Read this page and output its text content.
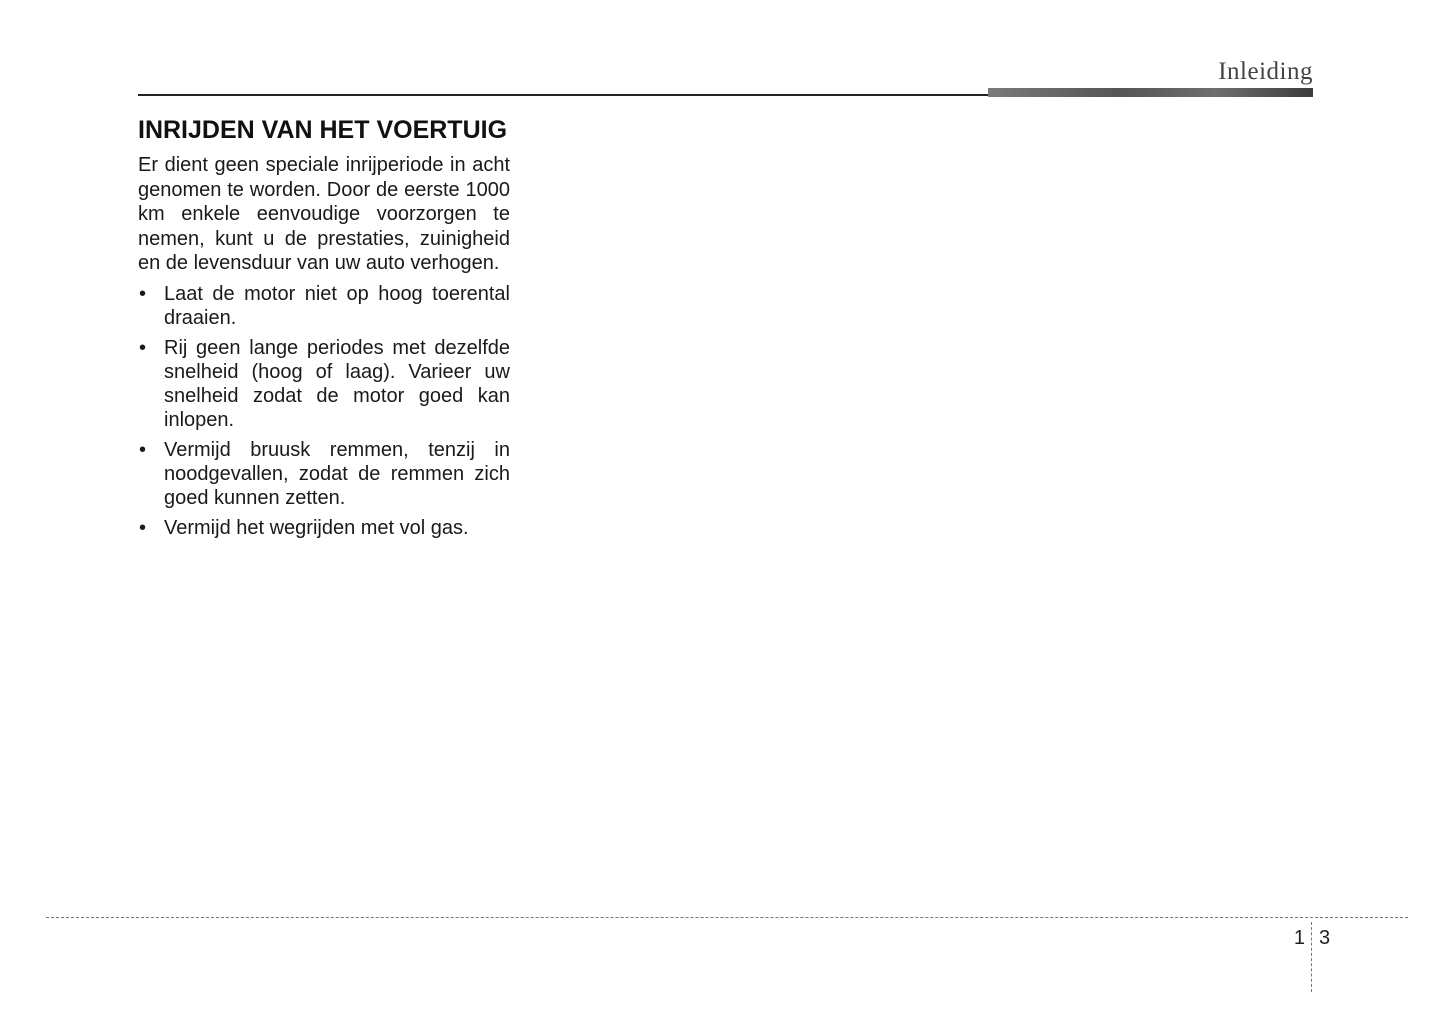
Inleiding
INRIJDEN VAN HET VOERTUIG

Er dient geen speciale inrijperiode in acht genomen te worden. Door de eerste 1000 km enkele eenvoudige voorzorgen te nemen, kunt u de prestaties, zuinigheid en de levensduur van uw auto verhogen.

• Laat de motor niet op hoog toerental draaien.
• Rij geen lange periodes met dezelfde snelheid (hoog of laag). Varieer uw snelheid zodat de motor goed kan inlopen.
• Vermijd bruusk remmen, tenzij in noodgevallen, zodat de remmen zich goed kunnen zetten.
• Vermijd het wegrijden met vol gas.
1 3
